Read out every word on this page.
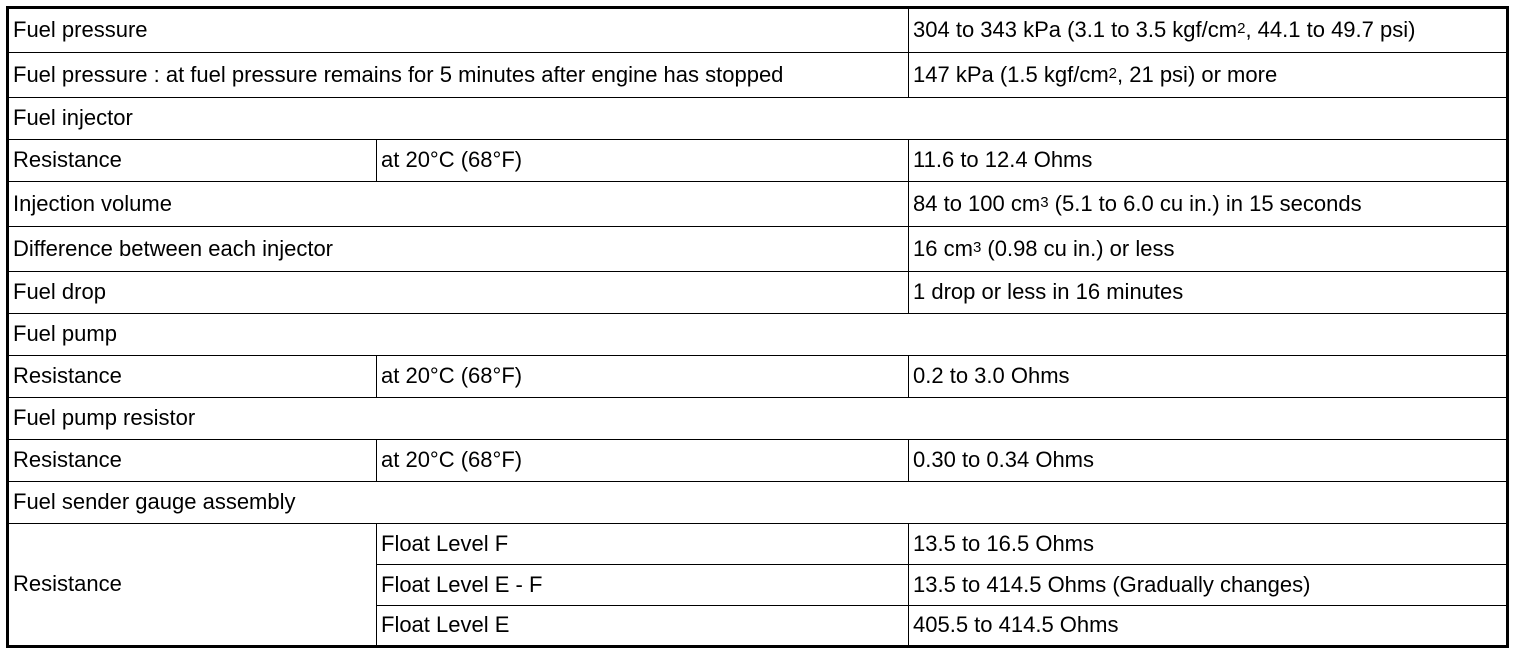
Fuel pressure		304 to 343 kPa (3.1 to 3.5 kgf/$cm^2$, 44.1 to 49.7 psi)
Fuel pressure : at fuel pressure remains for 5 minutes after engine has stopped		147 kPa (1.5 kgf/$cm^2$, 21 psi) or more
Fuel injector		
Resistance	at 20°C (68°F)	11.6 to 12.4 Ohms
Injection volume		84 to 100 $cm^3$ (5.1 to 6.0 cu in.) in 15 seconds
Difference between each injector		16 $cm^3$ (0.98 cu in.) or less
Fuel drop		1 drop or less in 16 minutes
Fuel pump		
Resistance	at 20°C (68°F)	0.2 to 3.0 Ohms
Fuel pump resistor		
Resistance	at 20°C (68°F)	0.30 to 0.34 Ohms
Fuel sender gauge assembly		
Resistance	Float Level F	13.5 to 16.5 Ohms
	Float Level E - F	13.5 to 414.5 Ohms (Gradually changes)
	Float Level E	405.5 to 414.5 Ohms
